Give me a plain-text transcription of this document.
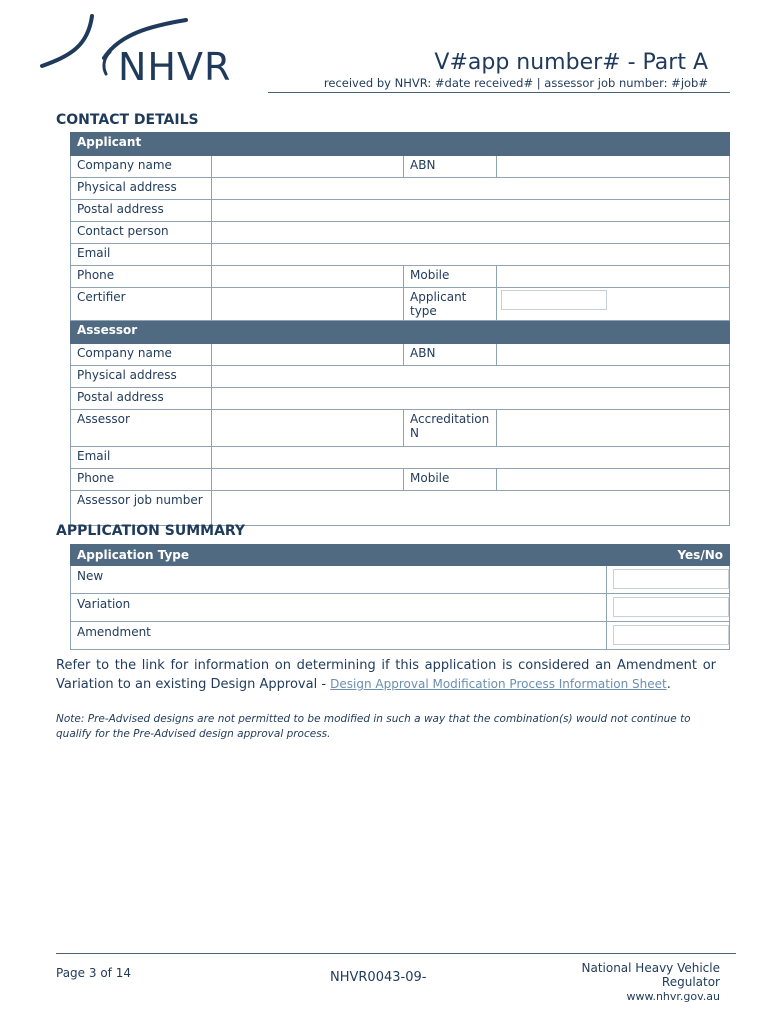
NHVR	V#app number# - Part A
received by NHVR: #date received# | assessor job number: #job#
CONTACT DETAILS
Applicant			
Company name		ABN	
Physical address			
Postal address			
Contact person			
Email			
Phone		Mobile	
Certifier		Applicant type	
Assessor			
Company name		ABN	
Physical address			
Postal address			
Assessor		Accreditation N	
Email			
Phone		Mobile	
Assessor job number			
APPLICATION SUMMARY
Application Type	Yes/No
New	
Variation	
Amendment	
Refer to the link for information on determining if this application is considered an Amendment or Variation to an existing Design Approval - Design Approval Modification Process Information Sheet.
Note: Pre-Advised designs are not permitted to be modified in such a way that the combination(s) would not continue to qualify for the Pre-Advised design approval process.
Page 3 of 14	NHVR0043-09-
National Heavy Vehicle
Regulator
www.nhvr.gov.au
